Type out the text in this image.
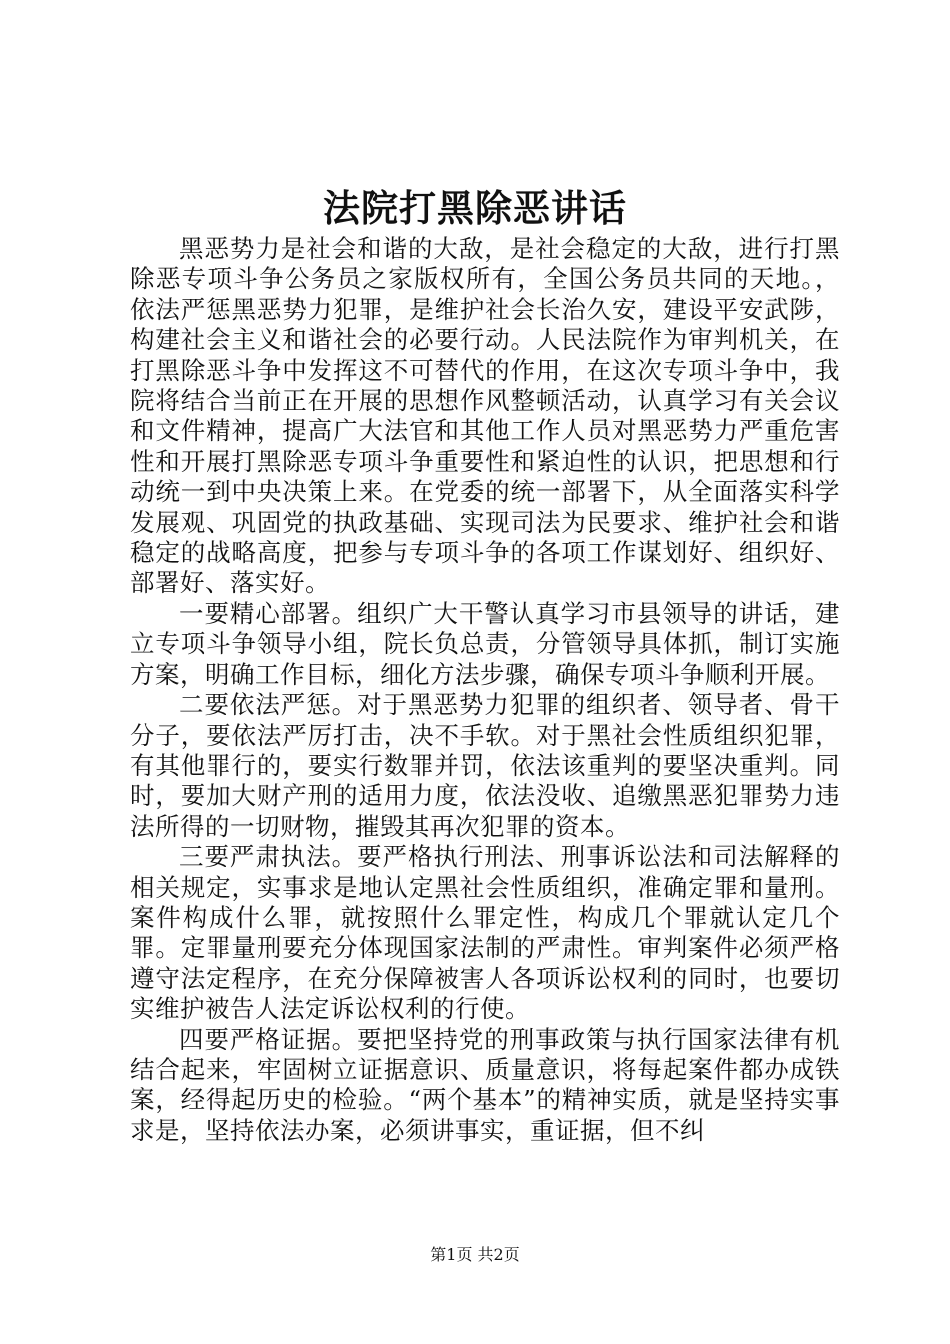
法院打黑除恶讲话

黑恶势力是社会和谐的大敌，是社会稳定的大敌，进行打黑除恶专项斗争公务员之家版权所有，全国公务员共同的天地。，依法严惩黑恶势力犯罪，是维护社会长治久安，建设平安武陟，构建社会主义和谐社会的必要行动。人民法院作为审判机关，在打黑除恶斗争中发挥这不可替代的作用，在这次专项斗争中，我院将结合当前正在开展的思想作风整顿活动，认真学习有关会议和文件精神，提高广大法官和其他工作人员对黑恶势力严重危害性和开展打黑除恶专项斗争重要性和紧迫性的认识，把思想和行动统一到中央决策上来。在党委的统一部署下，从全面落实科学发展观、巩固党的执政基础、实现司法为民要求、维护社会和谐稳定的战略高度，把参与专项斗争的各项工作谋划好、组织好、部署好、落实好。

一要精心部署。组织广大干警认真学习市县领导的讲话，建立专项斗争领导小组，院长负总责，分管领导具体抓，制订实施方案，明确工作目标，细化方法步骤，确保专项斗争顺利开展。

二要依法严惩。对于黑恶势力犯罪的组织者、领导者、骨干分子，要依法严厉打击，决不手软。对于黑社会性质组织犯罪，有其他罪行的，要实行数罪并罚，依法该重判的要坚决重判。同时，要加大财产刑的适用力度，依法没收、追缴黑恶犯罪势力违法所得的一切财物，摧毁其再次犯罪的资本。

三要严肃执法。要严格执行刑法、刑事诉讼法和司法解释的相关规定，实事求是地认定黑社会性质组织，准确定罪和量刑。案件构成什么罪，就按照什么罪定性，构成几个罪就认定几个罪。定罪量刑要充分体现国家法制的严肃性。审判案件必须严格遵守法定程序，在充分保障被害人各项诉讼权利的同时，也要切实维护被告人法定诉讼权利的行使。

四要严格证据。要把坚持党的刑事政策与执行国家法律有机结合起来，牢固树立证据意识、质量意识，将每起案件都办成铁案，经得起历史的检验。“两个基本”的精神实质，就是坚持实事求是，坚持依法办案，必须讲事实，重证据，但不纠

第1页 共2页
